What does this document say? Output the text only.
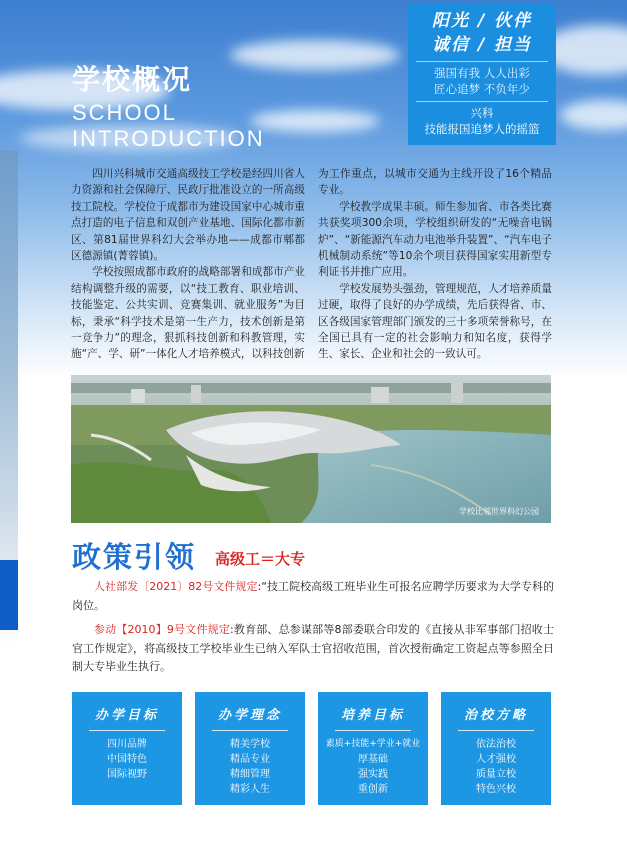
学校概况
SCHOOL
INTRODUCTION
阳光 / 伙伴
诚信 / 担当
强国有我 人人出彩
匠心追梦 不负年少
兴科
技能报国追梦人的摇篮

四川兴科城市交通高级技工学校是经四川省人力资源和社会保障厅、民政厅批准设立的一所高级技工院校。学校位于成都市为建设国家中心城市重点打造的电子信息和双创产业基地、国际化都市新区、第81届世界科幻大会举办地——成都市郫都区德源镇(菁蓉镇)。

学校按照成都市政府的战略部署和成都市产业结构调整升级的需要，以“技工教育、职业培训、技能鉴定、公共实训、竞赛集训、就业服务”为目标，秉承“科学技术是第一生产力，技术创新是第一竞争力”的理念，狠抓科技创新和科教管理，实施“产、学、研”一体化人才培养模式，以科技创新

为工作重点，以城市交通为主线开设了16个精品专业。

学校教学成果丰硕。师生参加省、市各类比赛共获奖项300余项，学校组织研发的“无噪音电锅炉”、“新能源汽车动力电池举升装置”、“汽车电子机械制动系统”等10余个项目获得国家实用新型专利证书并推广应用。

学校发展势头强劲，管理规范，人才培养质量过硬，取得了良好的办学成绩，先后获得省、市、区各级国家管理部门颁发的三十多项荣誉称号，在全国已具有一定的社会影响力和知名度，获得学生、家长、企业和社会的一致认可。

学校比邻世界科幻公园
政策引领 高级工＝大专
人社部发〔2021〕82号文件规定:“技工院校高级工班毕业生可报名应聘学历要求为大学专科的岗位。
参动【2010】9号文件规定:教育部、总参谋部等8部委联合印发的《直接从非军事部门招收士官工作规定》，将高级技工学校毕业生已纳入军队士官招收范围，首次授衔确定工资起点等参照全日制大专毕业生执行。
办学目标
四川品牌
中国特色
国际视野
办学理念
精美学校
精品专业
精细管理
精彩人生
培养目标
素质+技能+学业+就业
厚基础
强实践
重创新
治校方略
依法治校
人才强校
质量立校
特色兴校
